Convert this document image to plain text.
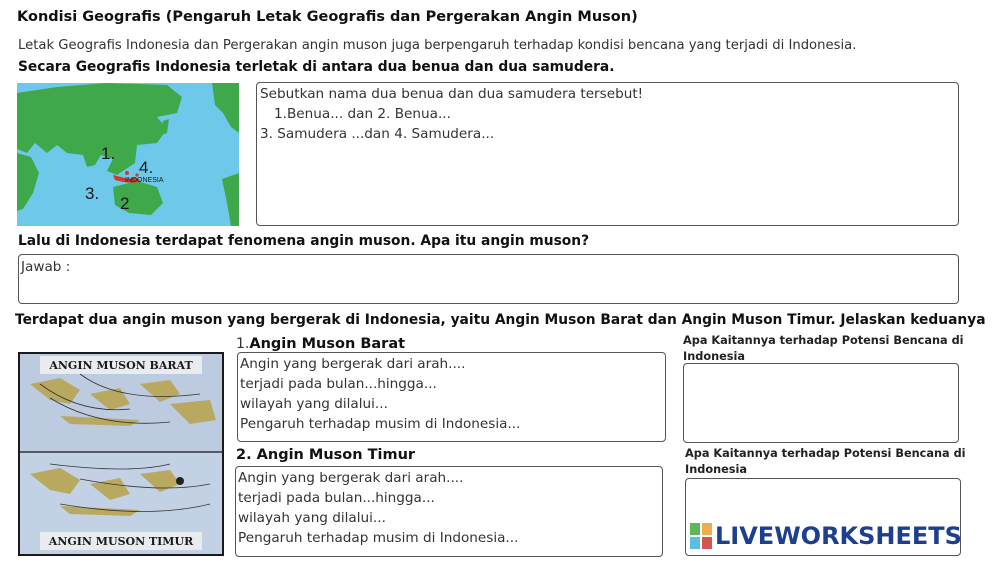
Kondisi Geografis (Pengaruh Letak Geografis dan Pergerakan Angin Muson)
Letak Geografis Indonesia dan Pergerakan angin muson juga berpengaruh terhadap kondisi bencana yang terjadi di Indonesia.
Secara Geografis Indonesia terletak di antara dua benua dan dua samudera.
1.
4.
3.
2
INDONESIA
Sebutkan nama dua benua dan dua samudera tersebut!
1.Benua... dan 2. Benua...
3. Samudera ...dan 4. Samudera...
Lalu di Indonesia terdapat fenomena angin muson. Apa itu angin muson?
Jawab :
Terdapat dua angin muson yang bergerak di Indonesia, yaitu Angin Muson Barat dan Angin Muson Timur. Jelaskan keduanya
ANGIN MUSON BARAT
ANGIN MUSON TIMUR
1.Angin Muson Barat
Angin yang bergerak dari arah....
terjadi pada bulan...hingga...
wilayah yang dilalui...
Pengaruh terhadap musim di Indonesia...
Apa Kaitannya terhadap Potensi Bencana di Indonesia
2. Angin Muson Timur
Angin yang bergerak dari arah....
terjadi pada bulan...hingga...
wilayah yang dilalui...
Pengaruh terhadap musim di Indonesia...
Apa Kaitannya terhadap Potensi Bencana di Indonesia
LIVEWORKSHEETS
